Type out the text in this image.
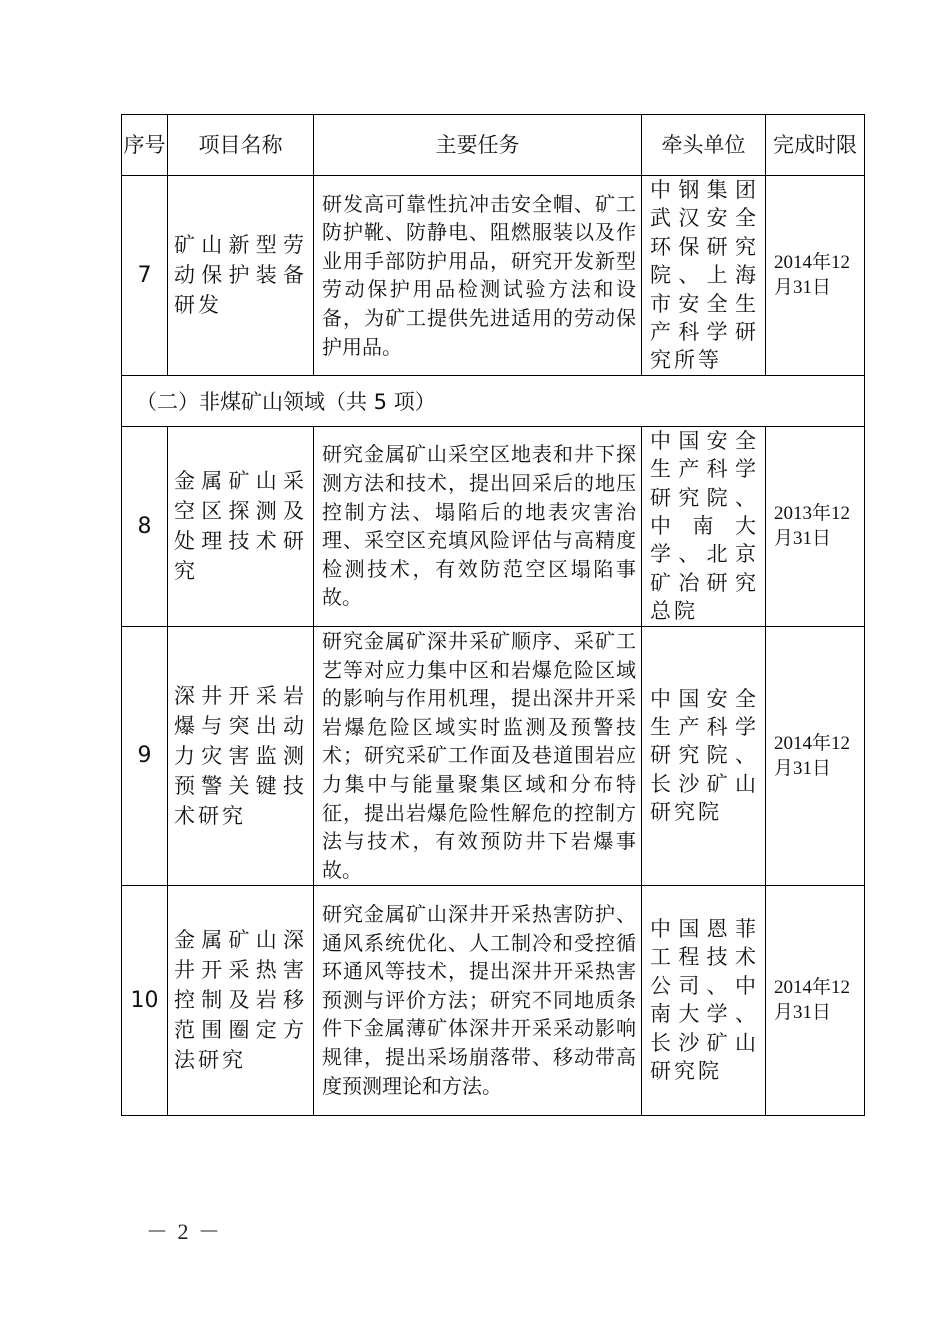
序号	项目名称	主要任务	牵头单位	完成时限
7	矿山新型劳动保护装备研发	研发高可靠性抗冲击安全帽、矿工防护靴、防静电、阻燃服装以及作业用手部防护用品，研究开发新型劳动保护用品检测试验方法和设备，为矿工提供先进适用的劳动保护用品。	中钢集团武汉安全环保研究院、上海市安全生产科学研究所等	2014年12月31日
（二）非煤矿山领域（共 5 项）				
8	金属矿山采空区探测及处理技术研究	研究金属矿山采空区地表和井下探测方法和技术，提出回采后的地压控制方法、塌陷后的地表灾害治理、采空区充填风险评估与高精度检测技术，有效防范空区塌陷事故。	中国安全生产科学研究院、中南大学、北京矿冶研究总院	2013年12月31日
9	深井开采岩爆与突出动力灾害监测预警关键技术研究	研究金属矿深井采矿顺序、采矿工艺等对应力集中区和岩爆危险区域的影响与作用机理，提出深井开采岩爆危险区域实时监测及预警技术；研究采矿工作面及巷道围岩应力集中与能量聚集区域和分布特征，提出岩爆危险性解危的控制方法与技术，有效预防井下岩爆事故。	中国安全生产科学研究院、长沙矿山研究院	2014年12月31日
10	金属矿山深井开采热害控制及岩移范围圈定方法研究	研究金属矿山深井开采热害防护、通风系统优化、人工制冷和受控循环通风等技术，提出深井开采热害预测与评价方法；研究不同地质条件下金属薄矿体深井开采采动影响规律，提出采场崩落带、移动带高度预测理论和方法。	中国恩菲工程技术公司、中南大学、长沙矿山研究院	2014年12月31日
－ 2 －
